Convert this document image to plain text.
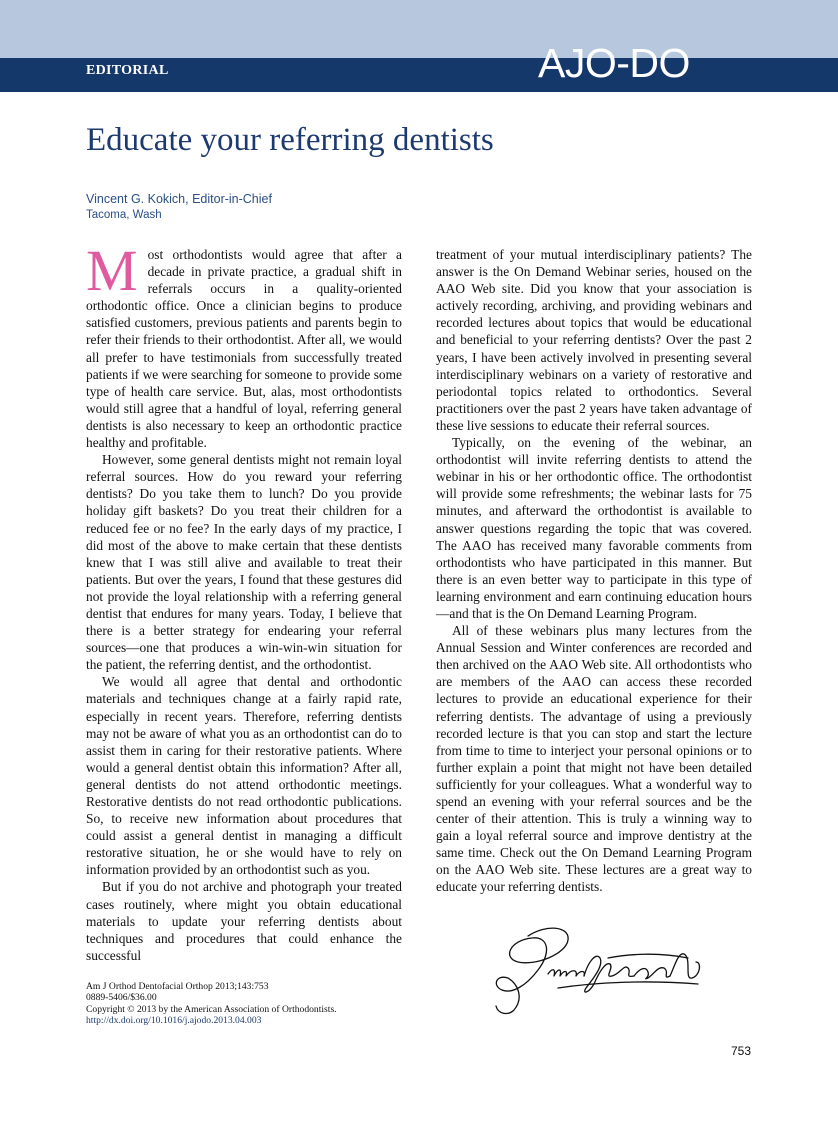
EDITORIAL	AJO-DO
Educate your referring dentists
Vincent G. Kokich, Editor-in-Chief
Tacoma, Wash

Most orthodontists would agree that after a decade in private practice, a gradual shift in referrals occurs in a quality-oriented orthodontic office. Once a clinician begins to produce satisfied customers, previous patients and parents begin to refer their friends to their orthodontist. After all, we would all prefer to have testimonials from successfully treated patients if we were searching for someone to provide some type of health care service. But, alas, most orthodontists would still agree that a handful of loyal, referring general dentists is also necessary to keep an orthodontic practice healthy and profitable.

However, some general dentists might not remain loyal referral sources. How do you reward your referring dentists? Do you take them to lunch? Do you provide holiday gift baskets? Do you treat their children for a reduced fee or no fee? In the early days of my practice, I did most of the above to make certain that these dentists knew that I was still alive and available to treat their patients. But over the years, I found that these gestures did not provide the loyal relationship with a referring general dentist that endures for many years. Today, I believe that there is a better strategy for endearing your referral sources—one that produces a win-win-win situation for the patient, the referring dentist, and the orthodontist.

We would all agree that dental and orthodontic materials and techniques change at a fairly rapid rate, especially in recent years. Therefore, referring dentists may not be aware of what you as an orthodontist can do to assist them in caring for their restorative patients. Where would a general dentist obtain this information? After all, general dentists do not attend orthodontic meetings. Restorative dentists do not read orthodontic publications. So, to receive new information about procedures that could assist a general dentist in managing a difficult restorative situation, he or she would have to rely on information provided by an orthodontist such as you.

But if you do not archive and photograph your treated cases routinely, where might you obtain educational materials to update your referring dentists about techniques and procedures that could enhance the successful

treatment of your mutual interdisciplinary patients? The answer is the On Demand Webinar series, housed on the AAO Web site. Did you know that your association is actively recording, archiving, and providing webinars and recorded lectures about topics that would be educational and beneficial to your referring dentists? Over the past 2 years, I have been actively involved in presenting several interdisciplinary webinars on a variety of restorative and periodontal topics related to orthodontics. Several practitioners over the past 2 years have taken advantage of these live sessions to educate their referral sources.

Typically, on the evening of the webinar, an orthodontist will invite referring dentists to attend the webinar in his or her orthodontic office. The orthodontist will provide some refreshments; the webinar lasts for 75 minutes, and afterward the orthodontist is available to answer questions regarding the topic that was covered. The AAO has received many favorable comments from orthodontists who have participated in this manner. But there is an even better way to participate in this type of learning environment and earn continuing education hours—and that is the On Demand Learning Program.

All of these webinars plus many lectures from the Annual Session and Winter conferences are recorded and then archived on the AAO Web site. All orthodontists who are members of the AAO can access these recorded lectures to provide an educational experience for their referring dentists. The advantage of using a previously recorded lecture is that you can stop and start the lecture from time to time to interject your personal opinions or to further explain a point that might not have been detailed sufficiently for your colleagues. What a wonderful way to spend an evening with your referral sources and be the center of their attention. This is truly a winning way to gain a loyal referral source and improve dentistry at the same time. Check out the On Demand Learning Program on the AAO Web site. These lectures are a great way to educate your referring dentists.

Am J Orthod Dentofacial Orthop 2013;143:753
0889-5406/$36.00
Copyright © 2013 by the American Association of Orthodontists.
http://dx.doi.org/10.1016/j.ajodo.2013.04.003
753
